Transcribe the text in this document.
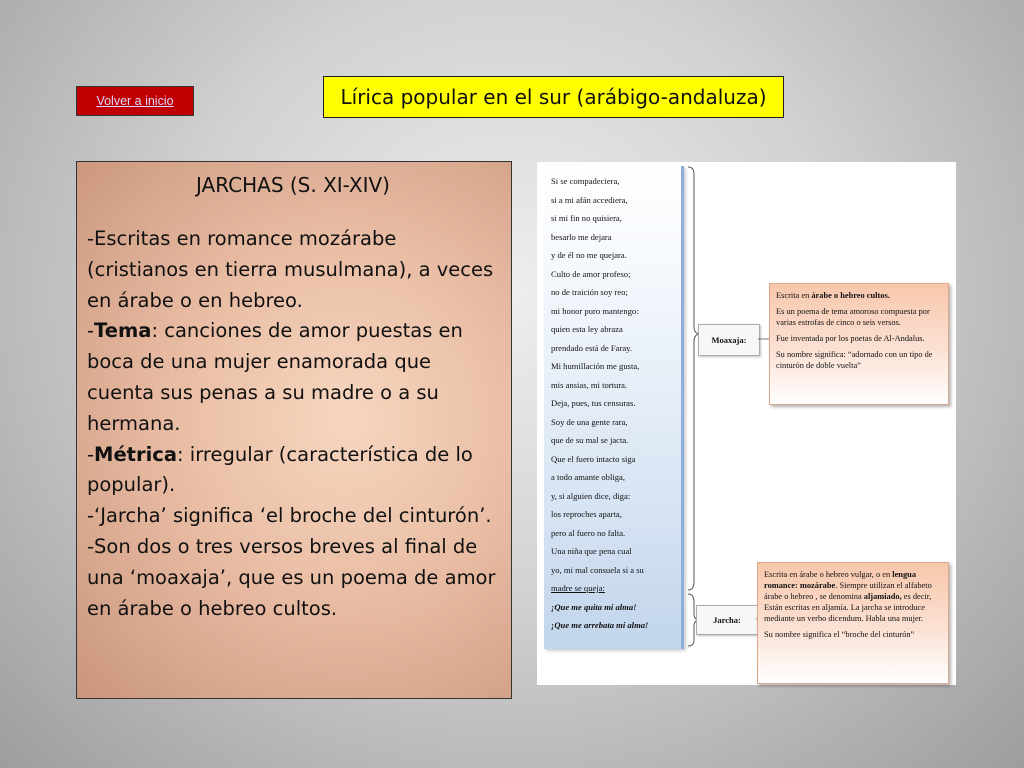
Volver a inicio	Lírica popular en el sur (arábigo-andaluza)
JARCHAS (S. XI-XIV)

-Escritas en romance mozárabe (cristianos en tierra musulmana), a veces en árabe o en hebreo.

-Tema: canciones de amor puestas en boca de una mujer enamorada que cuenta sus penas a su madre o a su hermana.

-Métrica: irregular (característica de lo popular).

-‘Jarcha’ significa ‘el broche del cinturón’.

-Son dos o tres versos breves al final de una ‘moaxaja’, que es un poema de amor en árabe o hebreo cultos.

Si se compadeciera,
si a mi afán accediera,
si mi fin no quisiera,
besarlo me dejara
y de él no me quejara.
Culto de amor profeso;
no de traición soy reo;
mi honor puro mantengo:
quien esta ley abraza
prendado está de Faray.
Mi humillación me gusta,
mis ansias, mi tortura.
Deja, pues, tus censuras.
Soy de una gente rara,
que de su mal se jacta.
Que el fuero intacto siga
a todo amante obliga,
y, si alguien dice, diga:
los reproches aparta,
pero al fuero no falta.
Una niña que pena cual
yo, mi mal consuela si a su
madre se queja:
¡Que me quita mi alma!
¡Que me arrebata mi alma!
Moaxaja:
Jarcha:

Escrita en árabe o hebreo cultos.

Es un poema de tema amoroso compuesta por varias estrofas de cinco o seis versos.

Fue inventada por los poetas de Al-Andalus.

Su nombre significa: “adornado con un tipo de cinturón de doble vuelta”

Escrita en árabe o hebreo vulgar, o en lengua romance: mozárabe. Siempre utilizan el alfabeto árabe o hebreo , se denomina aljamiado, es decir, Están escritas en aljamía. La jarcha se introduce mediante un verbo dicendum. Habla una mujer.

Su nombre significa el “broche del cinturón”
